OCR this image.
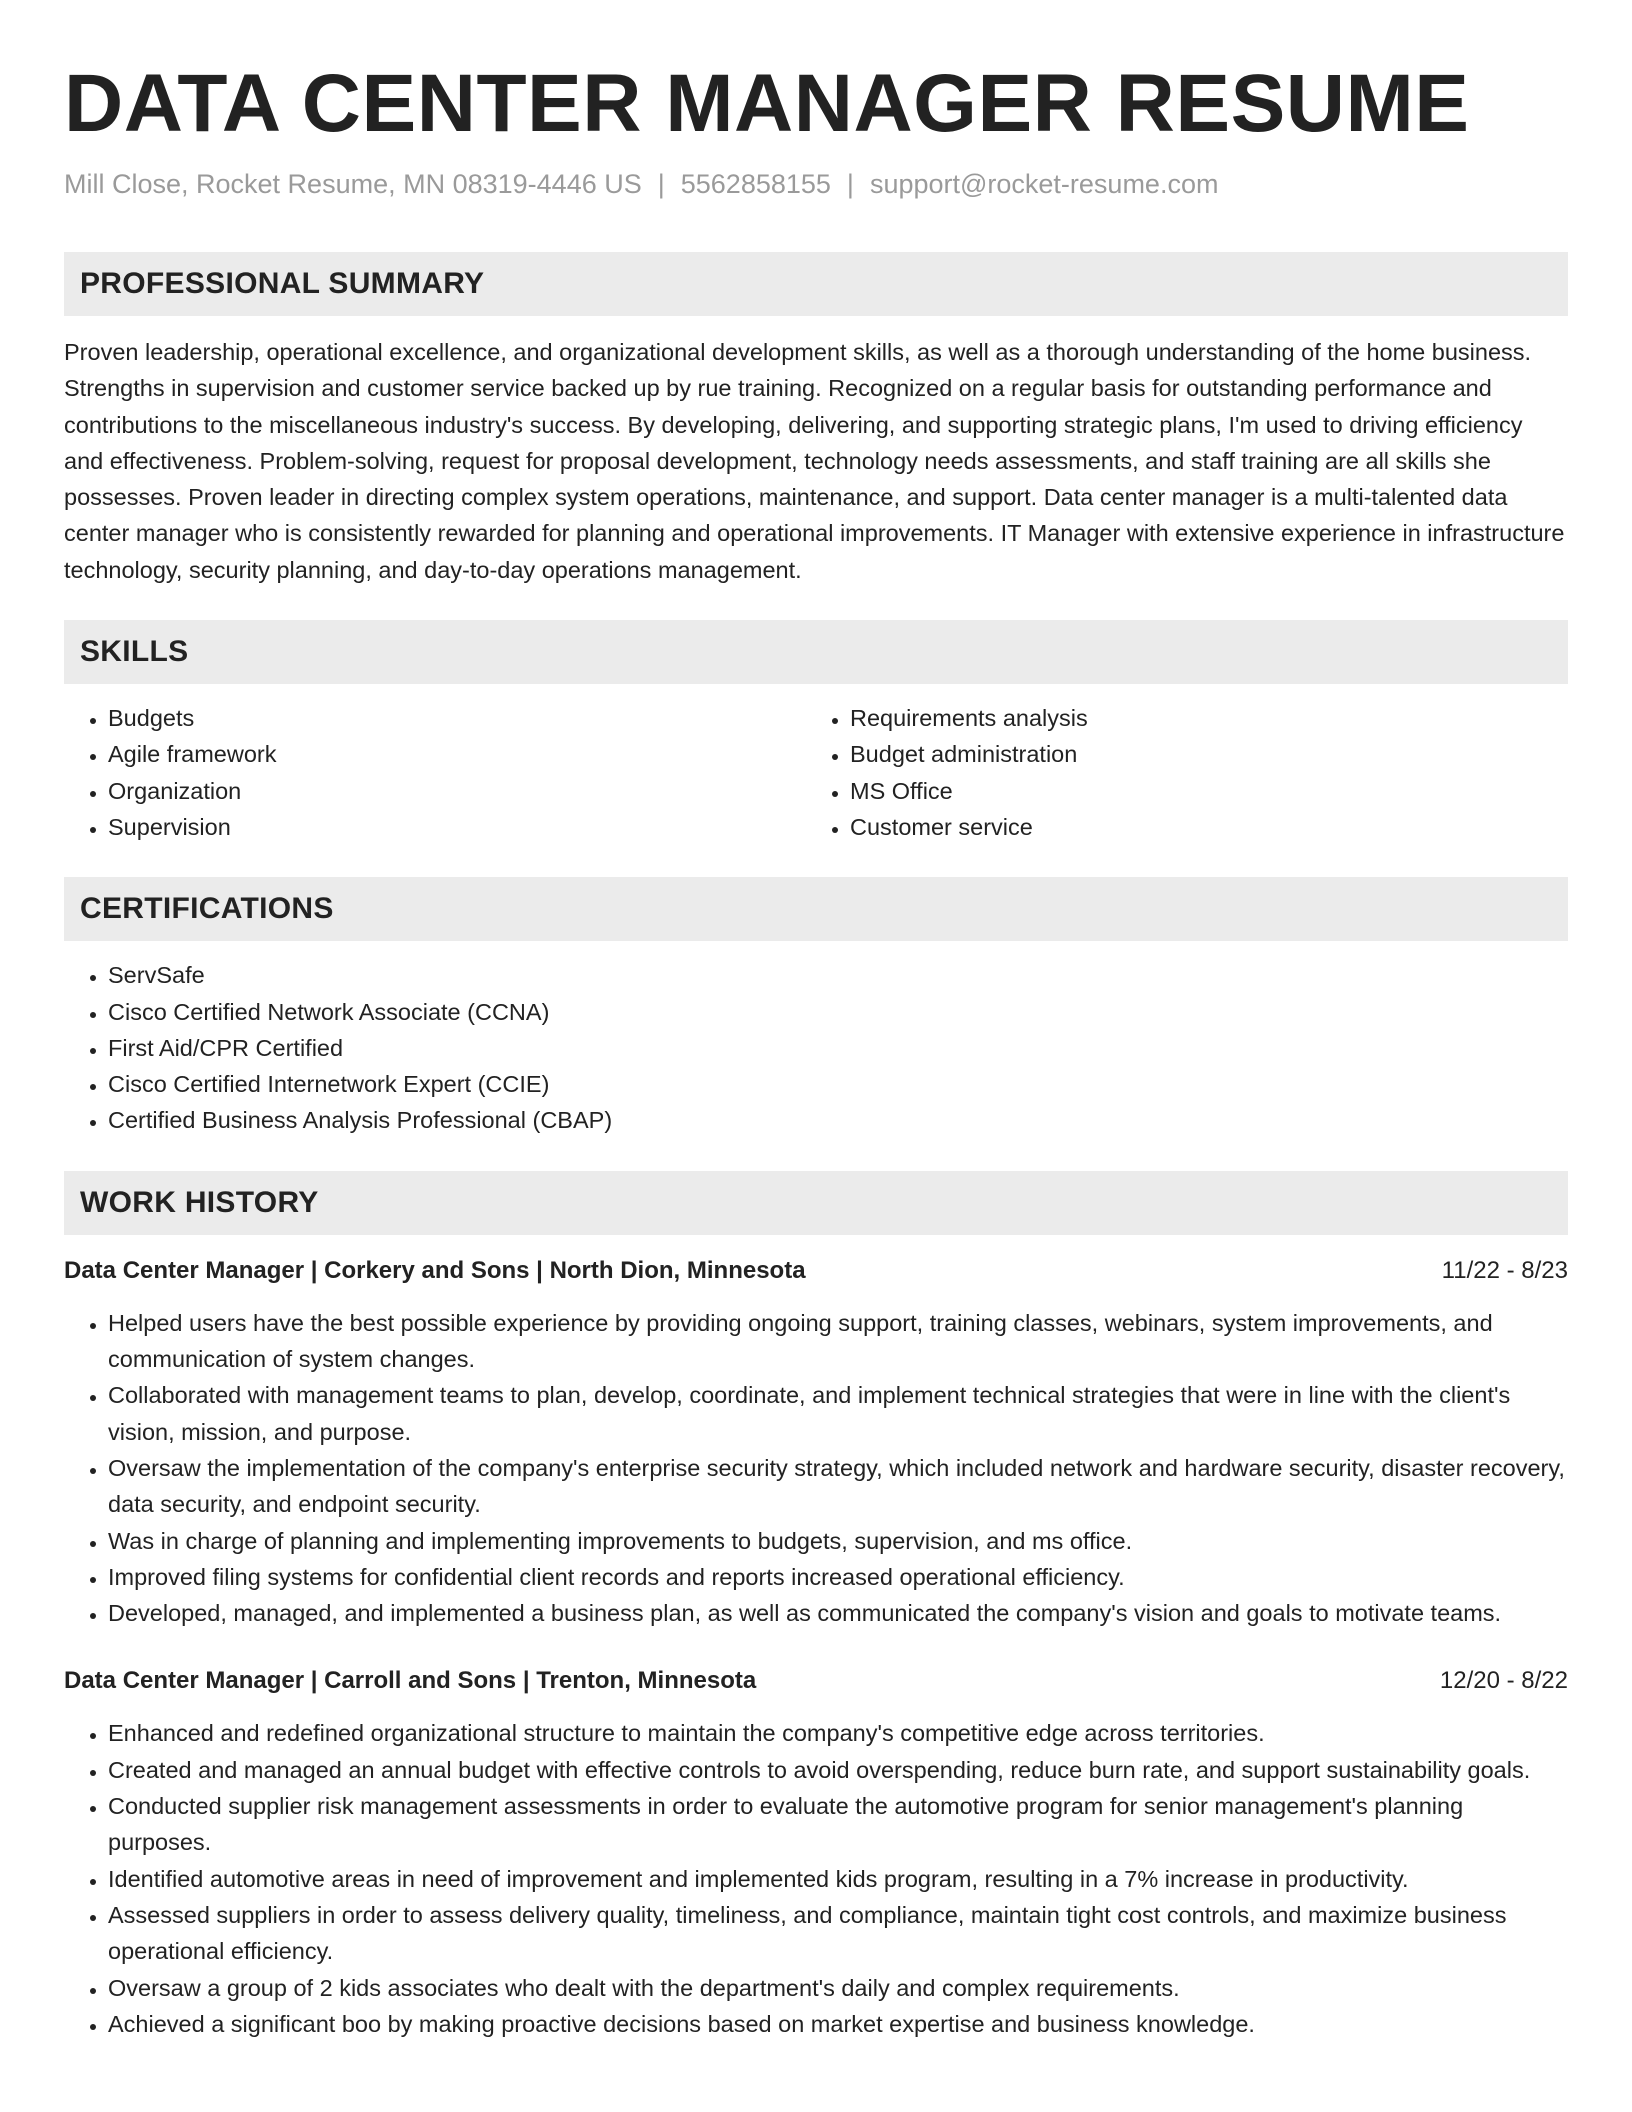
DATA CENTER MANAGER RESUME
Mill Close, Rocket Resume, MN 08319-4446 US | 5562858155 | support@rocket-resume.com
PROFESSIONAL SUMMARY

Proven leadership, operational excellence, and organizational development skills, as well as a thorough understanding of the home business. Strengths in supervision and customer service backed up by rue training. Recognized on a regular basis for outstanding performance and contributions to the miscellaneous industry's success. By developing, delivering, and supporting strategic plans, I'm used to driving efficiency and effectiveness. Problem-solving, request for proposal development, technology needs assessments, and staff training are all skills she possesses. Proven leader in directing complex system operations, maintenance, and support. Data center manager is a multi-talented data center manager who is consistently rewarded for planning and operational improvements. IT Manager with extensive experience in infrastructure technology, security planning, and day-to-day operations management.

SKILLS
• Budgets
• Agile framework
• Organization
• Supervision
• Requirements analysis
• Budget administration
• MS Office
• Customer service
CERTIFICATIONS
• ServSafe
• Cisco Certified Network Associate (CCNA)
• First Aid/CPR Certified
• Cisco Certified Internetwork Expert (CCIE)
• Certified Business Analysis Professional (CBAP)
WORK HISTORY
Data Center Manager | Corkery and Sons | North Dion, Minnesota	11/22 - 8/23
• Helped users have the best possible experience by providing ongoing support, training classes, webinars, system improvements, and communication of system changes.
• Collaborated with management teams to plan, develop, coordinate, and implement technical strategies that were in line with the client's vision, mission, and purpose.
• Oversaw the implementation of the company's enterprise security strategy, which included network and hardware security, disaster recovery, data security, and endpoint security.
• Was in charge of planning and implementing improvements to budgets, supervision, and ms office.
• Improved filing systems for confidential client records and reports increased operational efficiency.
• Developed, managed, and implemented a business plan, as well as communicated the company's vision and goals to motivate teams.
Data Center Manager | Carroll and Sons | Trenton, Minnesota	12/20 - 8/22
• Enhanced and redefined organizational structure to maintain the company's competitive edge across territories.
• Created and managed an annual budget with effective controls to avoid overspending, reduce burn rate, and support sustainability goals.
• Conducted supplier risk management assessments in order to evaluate the automotive program for senior management's planning purposes.
• Identified automotive areas in need of improvement and implemented kids program, resulting in a 7% increase in productivity.
• Assessed suppliers in order to assess delivery quality, timeliness, and compliance, maintain tight cost controls, and maximize business operational efficiency.
• Oversaw a group of 2 kids associates who dealt with the department's daily and complex requirements.
• Achieved a significant boo by making proactive decisions based on market expertise and business knowledge.
